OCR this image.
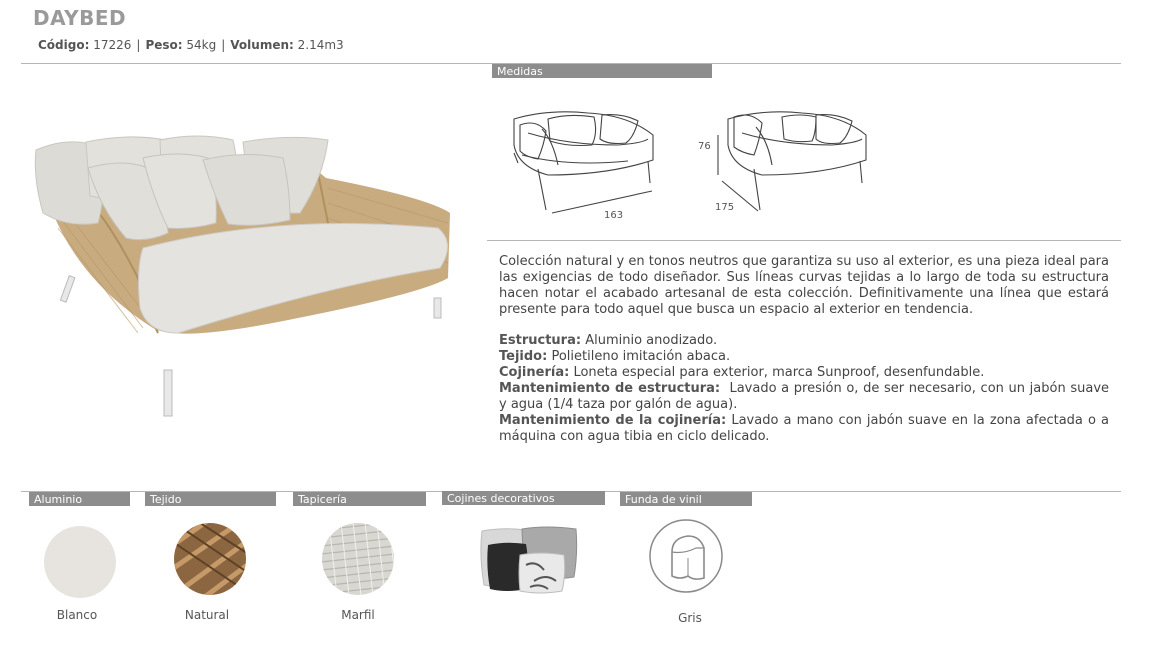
DAYBED
Código: 17226 | Peso: 54kg | Volumen: 2.14m3
Medidas
163
76
175

Colección natural y en tonos neutros que garantiza su uso al exterior, es una pieza ideal para las exigencias de todo diseñador. Sus líneas curvas tejidas a lo largo de toda su estructura hacen notar el acabado artesanal de esta colección. Definitivamente una línea que estará presente para todo aquel que busca un espacio al exterior en tendencia.

Estructura: Aluminio anodizado.

Tejido: Polietileno imitación abaca.

Cojinería: Loneta especial para exterior, marca Sunproof, desenfundable.

Mantenimiento de estructura: Lavado a presión o, de ser necesario, con un jabón suave y agua (1/4 taza por galón de agua).

Mantenimiento de la cojinería: Lavado a mano con jabón suave en la zona afectada o a máquina con agua tibia en ciclo delicado.

Aluminio	Tejido	Tapicería	Cojines decorativos	Funda de vinil
Blanco	Natural	Marfil	Gris
